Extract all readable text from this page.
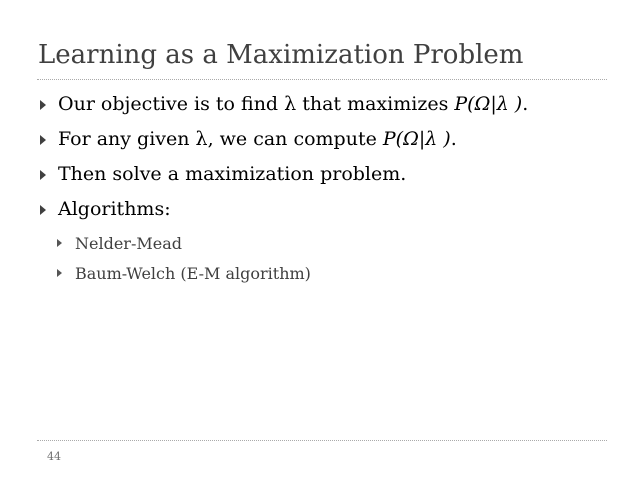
Learning as a Maximization Problem
Our objective is to find λ that maximizes P(Ω|λ ).
For any given λ, we can compute P(Ω|λ ).
Then solve a maximization problem.
Algorithms:
Nelder-Mead
Baum-Welch (E-M algorithm)
44
